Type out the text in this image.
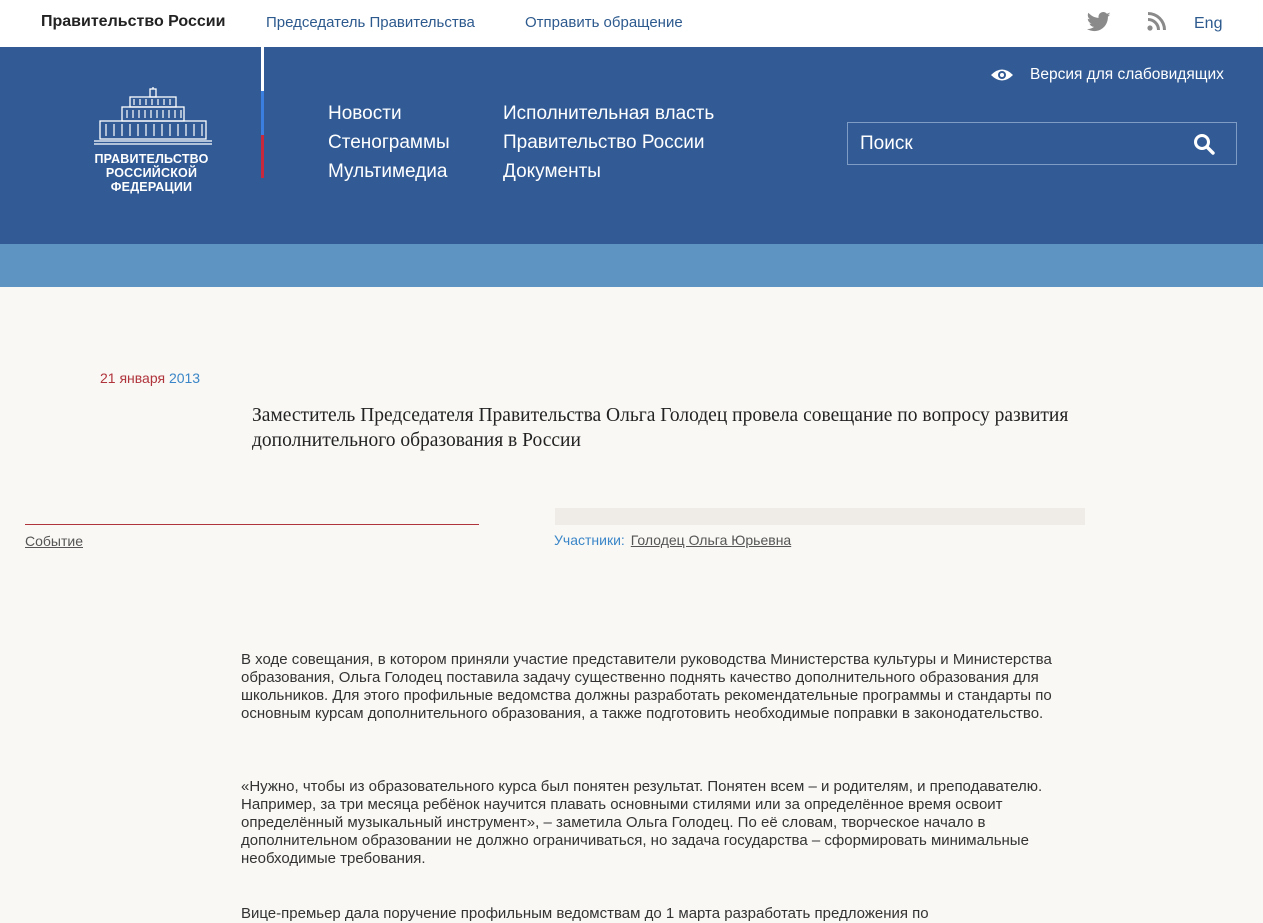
Правительство России	Председатель Правительства	Отправить обращение	Eng
ПРАВИТЕЛЬСТВО
РОССИЙСКОЙ
ФЕДЕРАЦИИ
Новости
Стенограммы
Мультимедиа
Исполнительная власть
Правительство России
Документы
Версия для слабовидящих
Поиск
21 января 2013
Заместитель Председателя Правительства Ольга Голодец провела совещание по вопросу развития дополнительного образования в России
Событие	Участники: Голодец Ольга Юрьевна

В ходе совещания, в котором приняли участие представители руководства Министерства культуры и Министерства образования, Ольга Голодец поставила задачу существенно поднять качество дополнительного образования для школьников. Для этого профильные ведомства должны разработать рекомендательные программы и стандарты по основным курсам дополнительного образования, а также подготовить необходимые поправки в законодательство.

«Нужно, чтобы из образовательного курса был понятен результат. Понятен всем – и родителям, и преподавателю. Например, за три месяца ребёнок научится плавать основными стилями или за определённое время освоит определённый музыкальный инструмент», – заметила Ольга Голодец. По её словам, творческое начало в дополнительном образовании не должно ограничиваться, но задача государства – сформировать минимальные необходимые требования.

Вице-премьер дала поручение профильным ведомствам до 1 марта разработать предложения по
